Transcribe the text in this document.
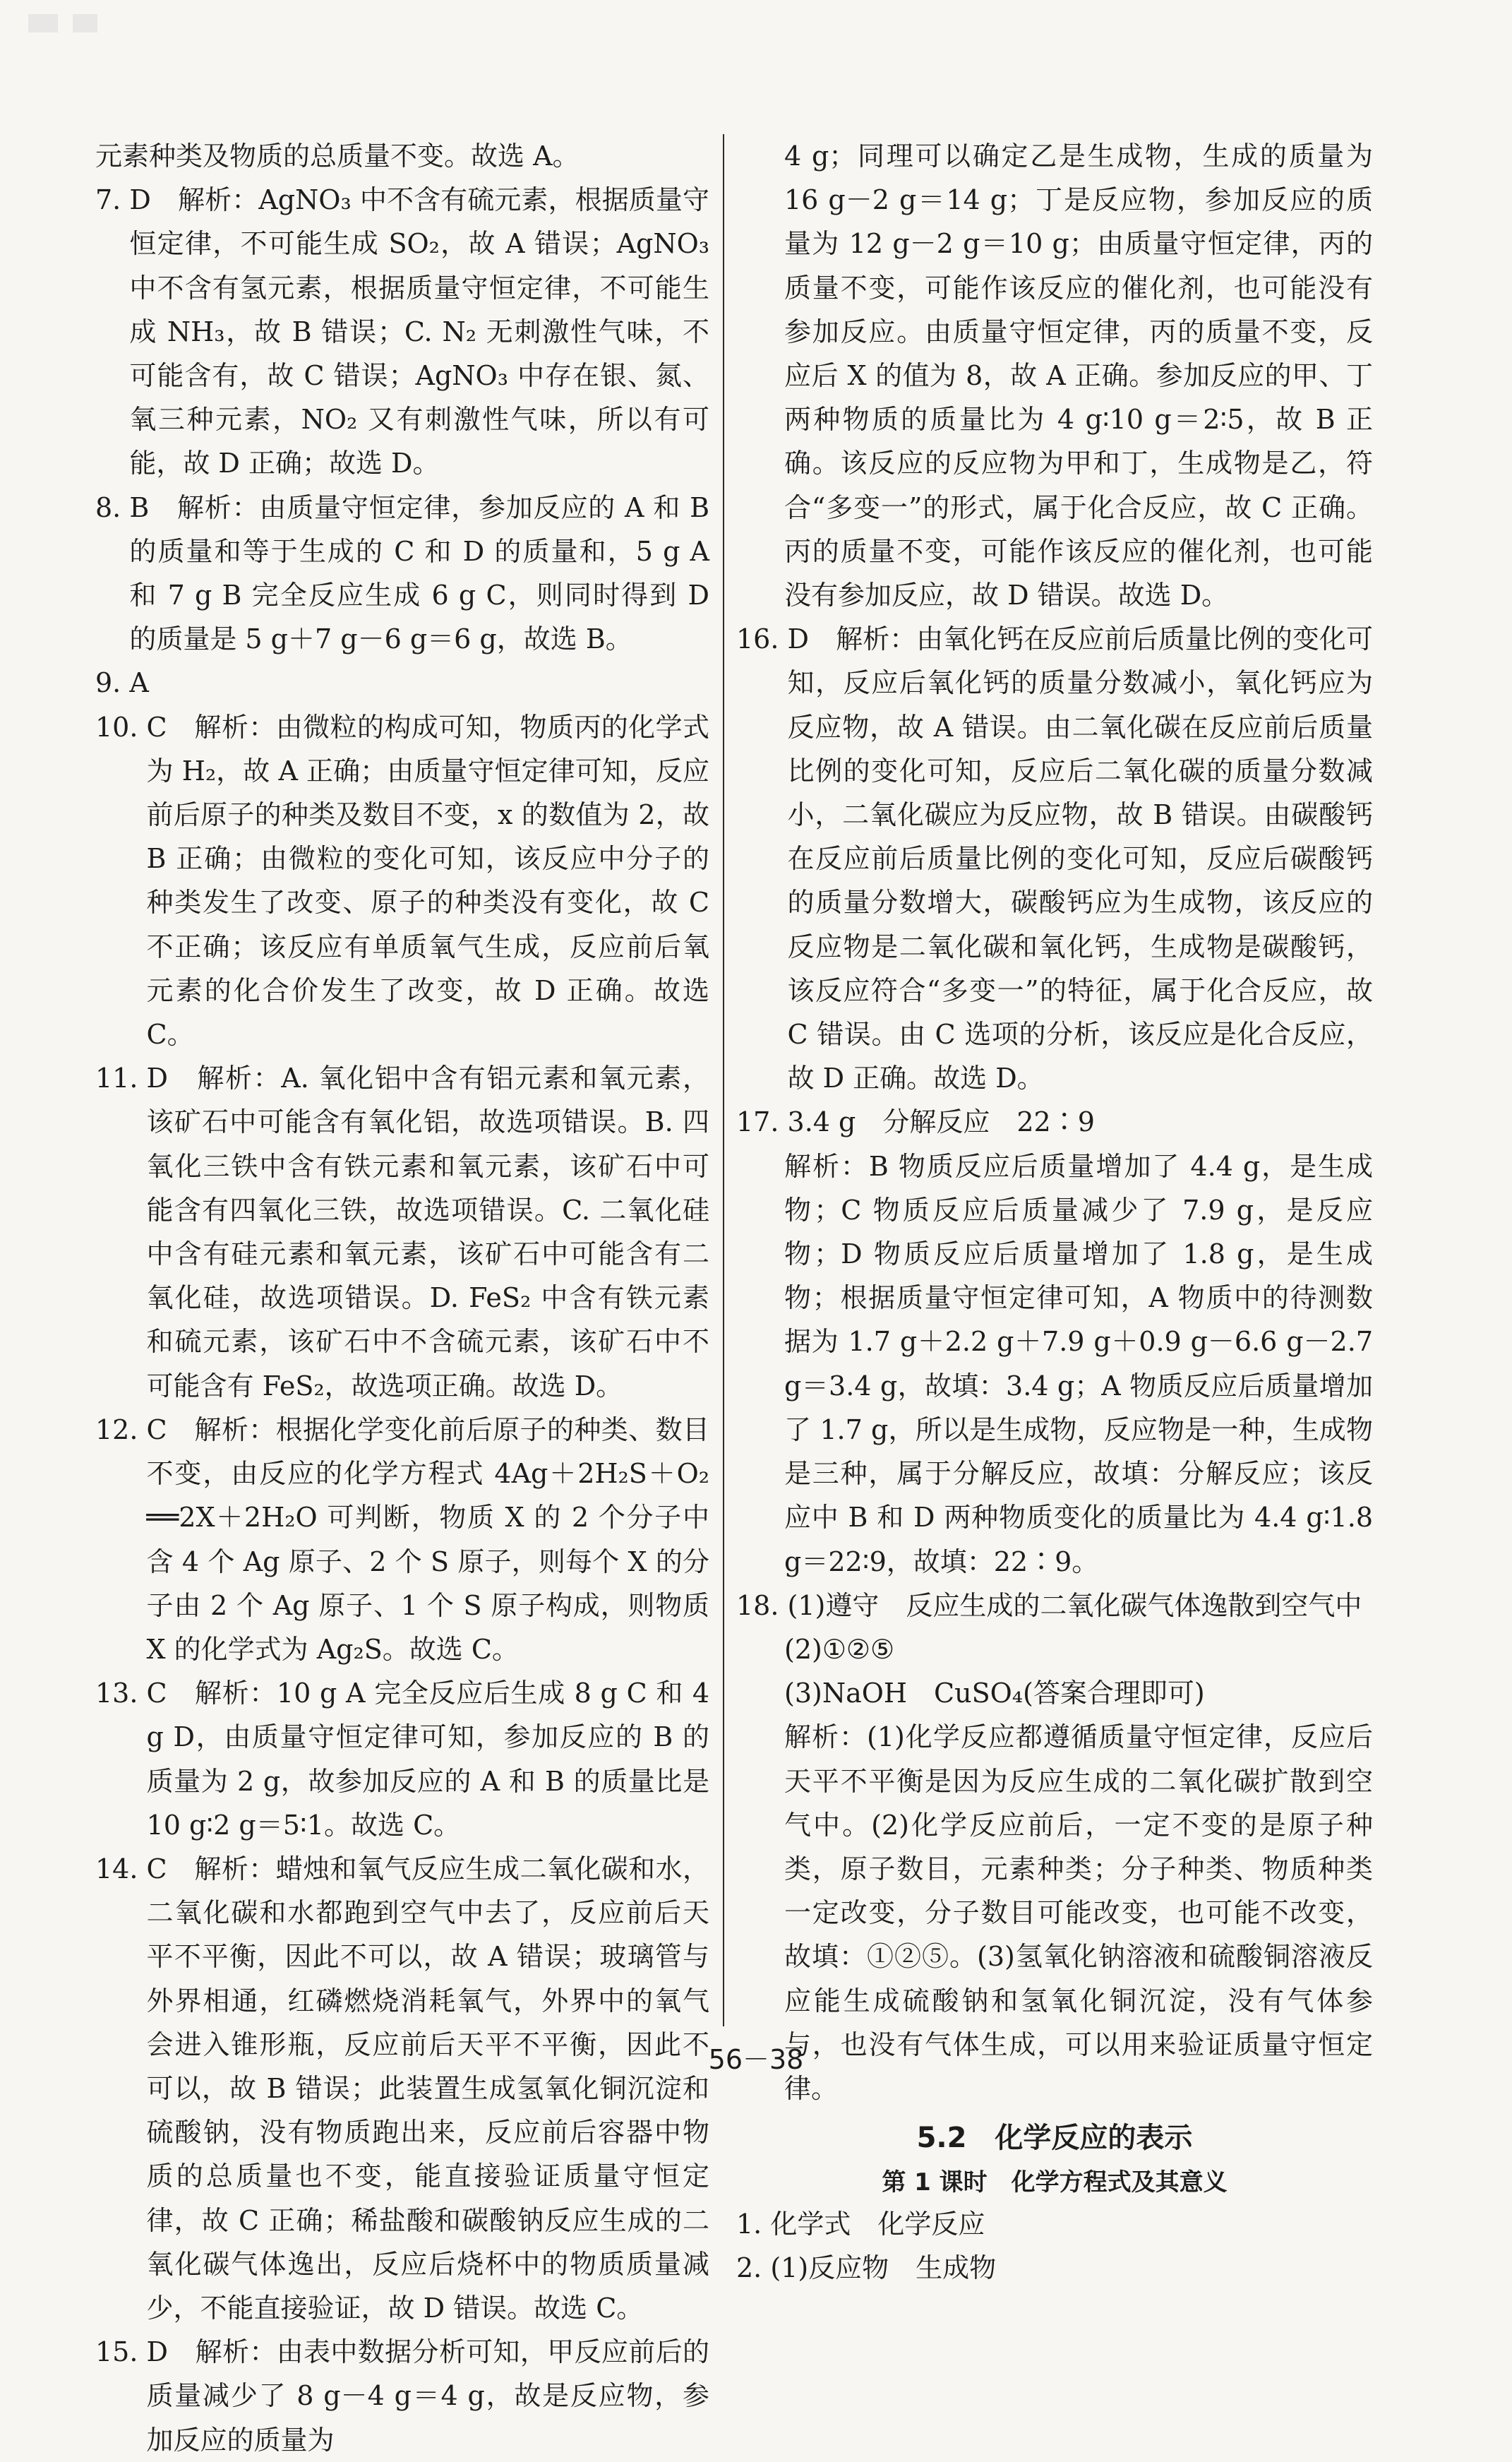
元素种类及物质的总质量不变。故选 A。
7. D　解析：AgNO₃ 中不含有硫元素，根据质量守恒定律，不可能生成 SO₂，故 A 错误；AgNO₃ 中不含有氢元素，根据质量守恒定律，不可能生成 NH₃，故 B 错误；C. N₂ 无刺激性气味，不可能含有，故 C 错误；AgNO₃ 中存在银、氮、氧三种元素，NO₂ 又有刺激性气味，所以有可能，故 D 正确；故选 D。
8. B　解析：由质量守恒定律，参加反应的 A 和 B 的质量和等于生成的 C 和 D 的质量和，5 g A 和 7 g B 完全反应生成 6 g C，则同时得到 D 的质量是 5 g＋7 g－6 g＝6 g，故选 B。
9. A
10. C　解析：由微粒的构成可知，物质丙的化学式为 H₂，故 A 正确；由质量守恒定律可知，反应前后原子的种类及数目不变，x 的数值为 2，故 B 正确；由微粒的变化可知，该反应中分子的种类发生了改变、原子的种类没有变化，故 C 不正确；该反应有单质氧气生成，反应前后氧元素的化合价发生了改变，故 D 正确。故选 C。
11. D　解析：A. 氧化铝中含有铝元素和氧元素，该矿石中可能含有氧化铝，故选项错误。B. 四氧化三铁中含有铁元素和氧元素，该矿石中可能含有四氧化三铁，故选项错误。C. 二氧化硅中含有硅元素和氧元素，该矿石中可能含有二氧化硅，故选项错误。D. FeS₂ 中含有铁元素和硫元素，该矿石中不含硫元素，该矿石中不可能含有 FeS₂，故选项正确。故选 D。
12. C　解析：根据化学变化前后原子的种类、数目不变，由反应的化学方程式 4Ag＋2H₂S＋O₂ ══2X＋2H₂O 可判断，物质 X 的 2 个分子中含 4 个 Ag 原子、2 个 S 原子，则每个 X 的分子由 2 个 Ag 原子、1 个 S 原子构成，则物质 X 的化学式为 Ag₂S。故选 C。
13. C　解析：10 g A 完全反应后生成 8 g C 和 4 g D，由质量守恒定律可知，参加反应的 B 的质量为 2 g，故参加反应的 A 和 B 的质量比是 10 g∶2 g＝5∶1。故选 C。
14. C　解析：蜡烛和氧气反应生成二氧化碳和水，二氧化碳和水都跑到空气中去了，反应前后天平不平衡，因此不可以，故 A 错误；玻璃管与外界相通，红磷燃烧消耗氧气，外界中的氧气会进入锥形瓶，反应前后天平不平衡，因此不可以，故 B 错误；此装置生成氢氧化铜沉淀和硫酸钠，没有物质跑出来，反应前后容器中物质的总质量也不变，能直接验证质量守恒定律，故 C 正确；稀盐酸和碳酸钠反应生成的二氧化碳气体逸出，反应后烧杯中的物质质量减少，不能直接验证，故 D 错误。故选 C。
15. D　解析：由表中数据分析可知，甲反应前后的质量减少了 8 g－4 g＝4 g，故是反应物，参加反应的质量为
4 g；同理可以确定乙是生成物，生成的质量为 16 g－2 g＝14 g；丁是反应物，参加反应的质量为 12 g－2 g＝10 g；由质量守恒定律，丙的质量不变，可能作该反应的催化剂，也可能没有参加反应。由质量守恒定律，丙的质量不变，反应后 X 的值为 8，故 A 正确。参加反应的甲、丁两种物质的质量比为 4 g∶10 g＝2∶5，故 B 正确。该反应的反应物为甲和丁，生成物是乙，符合“多变一”的形式，属于化合反应，故 C 正确。丙的质量不变，可能作该反应的催化剂，也可能没有参加反应，故 D 错误。故选 D。
16. D　解析：由氧化钙在反应前后质量比例的变化可知，反应后氧化钙的质量分数减小，氧化钙应为反应物，故 A 错误。由二氧化碳在反应前后质量比例的变化可知，反应后二氧化碳的质量分数减小，二氧化碳应为反应物，故 B 错误。由碳酸钙在反应前后质量比例的变化可知，反应后碳酸钙的质量分数增大，碳酸钙应为生成物，该反应的反应物是二氧化碳和氧化钙，生成物是碳酸钙，该反应符合“多变一”的特征，属于化合反应，故 C 错误。由 C 选项的分析，该反应是化合反应，故 D 正确。故选 D。
17. 3.4 g　分解反应　22∶9
解析：B 物质反应后质量增加了 4.4 g，是生成物；C 物质反应后质量减少了 7.9 g，是反应物；D 物质反应后质量增加了 1.8 g，是生成物；根据质量守恒定律可知，A 物质中的待测数据为 1.7 g＋2.2 g＋7.9 g＋0.9 g－6.6 g－2.7 g＝3.4 g，故填：3.4 g；A 物质反应后质量增加了 1.7 g，所以是生成物，反应物是一种，生成物是三种，属于分解反应，故填：分解反应；该反应中 B 和 D 两种物质变化的质量比为 4.4 g∶1.8 g＝22∶9，故填：22∶9。
18. (1)遵守　反应生成的二氧化碳气体逸散到空气中
(2)①②⑤
(3)NaOH　CuSO₄(答案合理即可)
解析：(1)化学反应都遵循质量守恒定律，反应后天平不平衡是因为反应生成的二氧化碳扩散到空气中。(2)化学反应前后，一定不变的是原子种类，原子数目，元素种类；分子种类、物质种类一定改变，分子数目可能改变，也可能不改变，故填：①②⑤。(3)氢氧化钠溶液和硫酸铜溶液反应能生成硫酸钠和氢氧化铜沉淀，没有气体参与，也没有气体生成，可以用来验证质量守恒定律。
5.2　化学反应的表示
第 1 课时　化学方程式及其意义
1. 化学式　化学反应
2. (1)反应物　生成物
56－38
